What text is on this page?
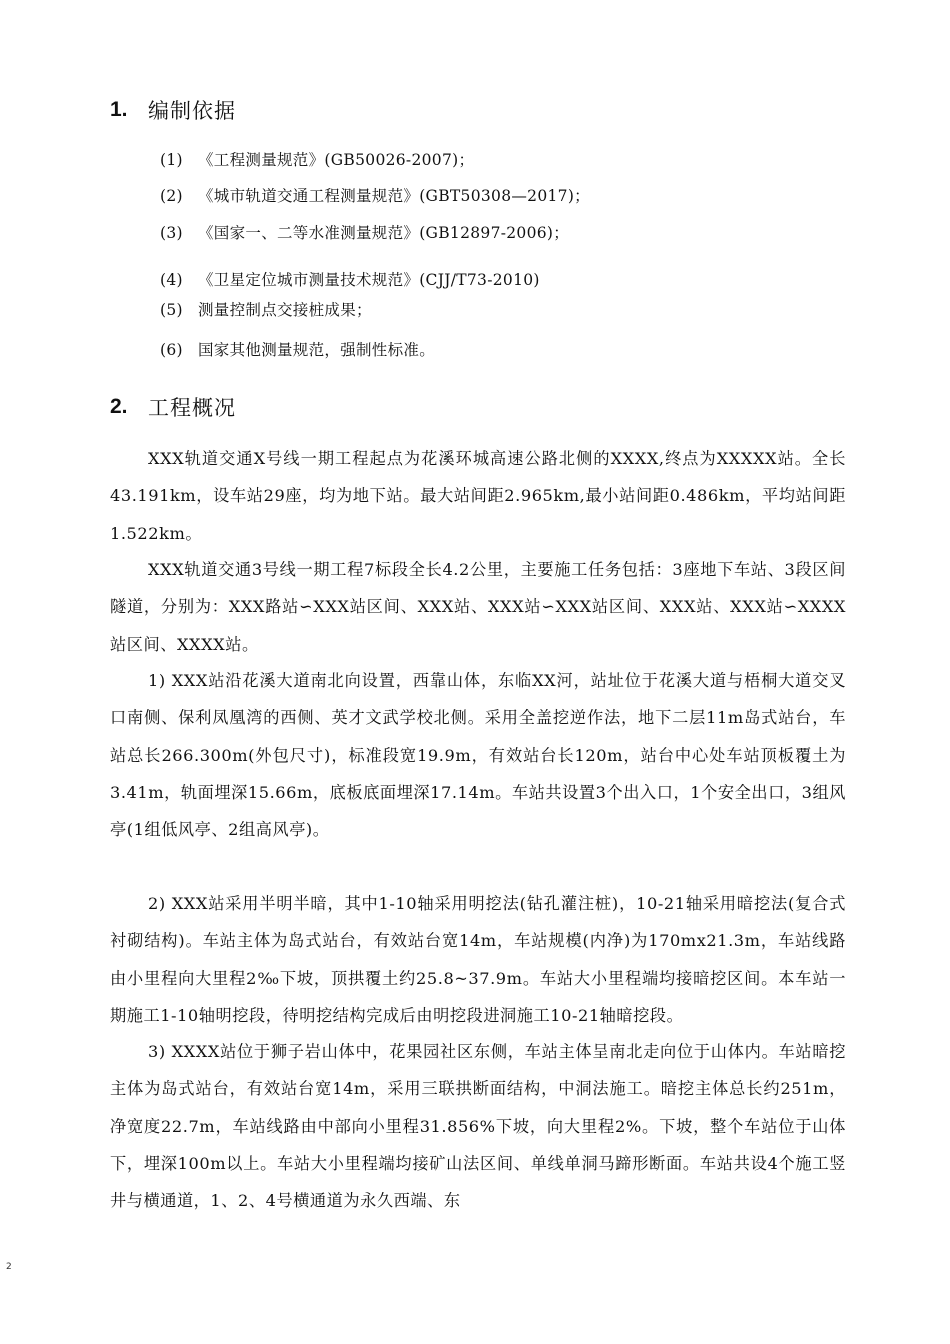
1. 编制依据
(1) 《工程测量规范》(GB50026-2007)；
(2) 《城市轨道交通工程测量规范》(GBT50308—2017)；
(3) 《国家一、二等水准测量规范》(GB12897-2006)；
(4) 《卫星定位城市测量技术规范》(CJJ/T73-2010)
(5) 测量控制点交接桩成果；
(6) 国家其他测量规范，强制性标准。
2. 工程概况

XXX轨道交通X号线一期工程起点为花溪环城高速公路北侧的XXXX,终点为XXXXX站。全长43.191km，设车站29座，均为地下站。最大站间距2.965km,最小站间距0.486km，平均站间距1.522km。

XXX轨道交通3号线一期工程7标段全长4.2公里，主要施工任务包括：3座地下车站、3段区间隧道，分别为：XXX路站∽XXX站区间、XXX站、XXX站∽XXX站区间、XXX站、XXX站∽XXXX站区间、XXXX站。

1) XXX站沿花溪大道南北向设置，西靠山体，东临XX河，站址位于花溪大道与梧桐大道交叉口南侧、保利凤凰湾的西侧、英才文武学校北侧。采用全盖挖逆作法，地下二层11m岛式站台，车站总长266.300m(外包尺寸)，标准段宽19.9m，有效站台长120m，站台中心处车站顶板覆土为3.41m，轨面埋深15.66m，底板底面埋深17.14m。车站共设置3个出入口，1个安全出口，3组风亭(1组低风亭、2组高风亭)。

2) XXX站采用半明半暗，其中1-10轴采用明挖法(钻孔灌注桩)，10-21轴采用暗挖法(复合式衬砌结构)。车站主体为岛式站台，有效站台宽14m，车站规模(内净)为170mx21.3m，车站线路由小里程向大里程2‰下坡，顶拱覆土约25.8~37.9m。车站大小里程端均接暗挖区间。本车站一期施工1-10轴明挖段，待明挖结构完成后由明挖段进洞施工10-21轴暗挖段。

3) XXXX站位于狮子岩山体中，花果园社区东侧，车站主体呈南北走向位于山体内。车站暗挖主体为岛式站台，有效站台宽14m，采用三联拱断面结构，中洞法施工。暗挖主体总长约251m，净宽度22.7m，车站线路由中部向小里程31.856%下坡，向大里程2%。下坡，整个车站位于山体下，埋深100m以上。车站大小里程端均接矿山法区间、单线单洞马蹄形断面。车站共设4个施工竖井与横通道，1、2、4号横通道为永久西端、东

2
